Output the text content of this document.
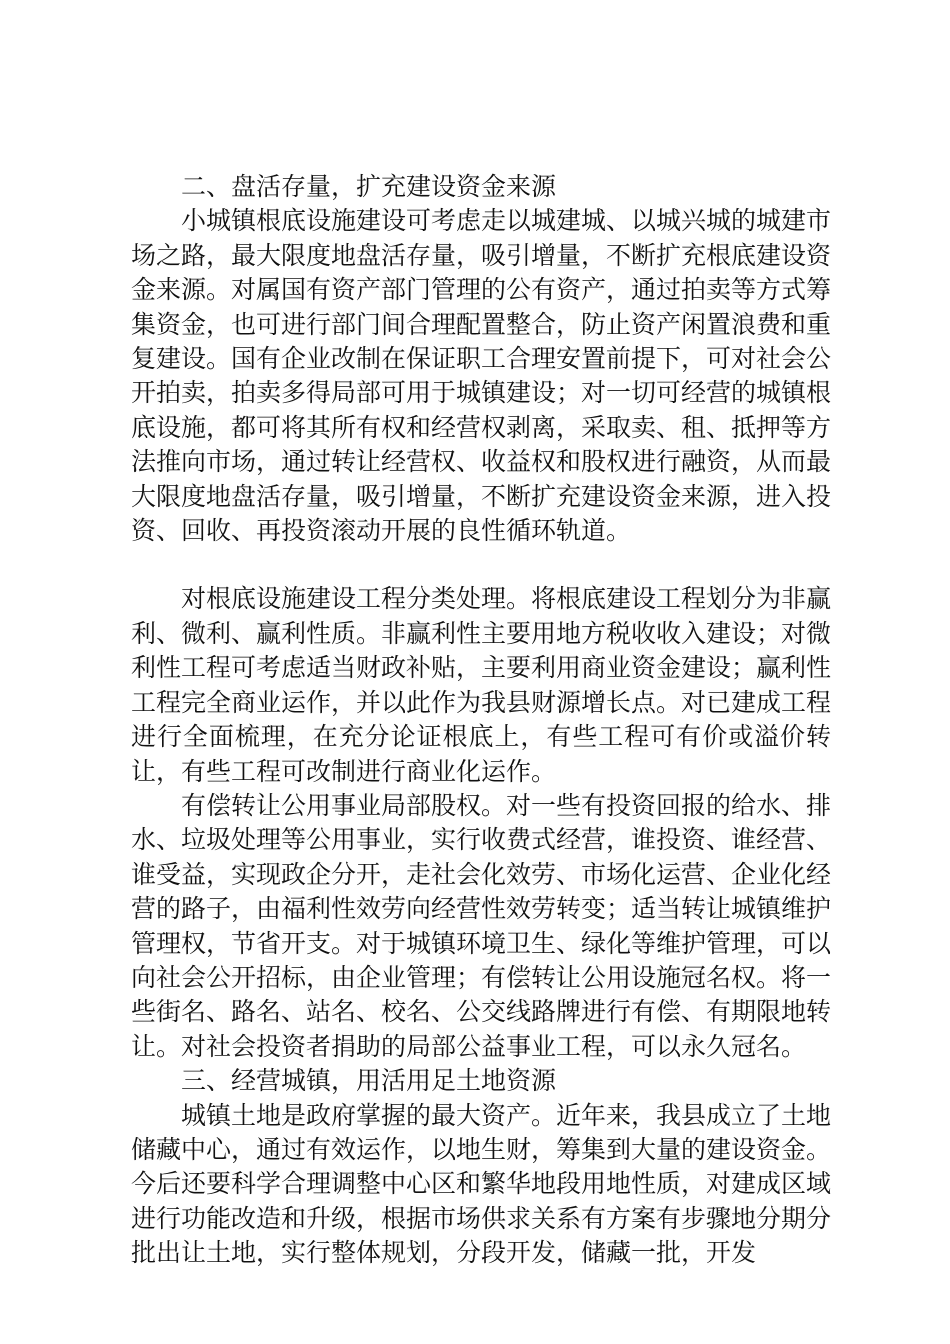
二、盘活存量，扩充建设资金来源

小城镇根底设施建设可考虑走以城建城、以城兴城的城建市场之路，最大限度地盘活存量，吸引增量，不断扩充根底建设资金来源。对属国有资产部门管理的公有资产，通过拍卖等方式筹集资金，也可进行部门间合理配置整合，防止资产闲置浪费和重复建设。国有企业改制在保证职工合理安置前提下，可对社会公开拍卖，拍卖多得局部可用于城镇建设；对一切可经营的城镇根底设施，都可将其所有权和经营权剥离，采取卖、租、抵押等方法推向市场，通过转让经营权、收益权和股权进行融资，从而最大限度地盘活存量，吸引增量，不断扩充建设资金来源，进入投资、回收、再投资滚动开展的良性循环轨道。

对根底设施建设工程分类处理。将根底建设工程划分为非赢利、微利、赢利性质。非赢利性主要用地方税收收入建设；对微利性工程可考虑适当财政补贴，主要利用商业资金建设；赢利性工程完全商业运作，并以此作为我县财源增长点。对已建成工程进行全面梳理，在充分论证根底上，有些工程可有价或溢价转让，有些工程可改制进行商业化运作。

有偿转让公用事业局部股权。对一些有投资回报的给水、排水、垃圾处理等公用事业，实行收费式经营，谁投资、谁经营、谁受益，实现政企分开，走社会化效劳、市场化运营、企业化经营的路子，由福利性效劳向经营性效劳转变；适当转让城镇维护管理权，节省开支。对于城镇环境卫生、绿化等维护管理，可以向社会公开招标，由企业管理；有偿转让公用设施冠名权。将一些街名、路名、站名、校名、公交线路牌进行有偿、有期限地转让。对社会投资者捐助的局部公益事业工程，可以永久冠名。

三、经营城镇，用活用足土地资源

城镇土地是政府掌握的最大资产。近年来，我县成立了土地储藏中心，通过有效运作，以地生财，筹集到大量的建设资金。今后还要科学合理调整中心区和繁华地段用地性质，对建成区域进行功能改造和升级，根据市场供求关系有方案有步骤地分期分批出让土地，实行整体规划，分段开发，储藏一批，开发
